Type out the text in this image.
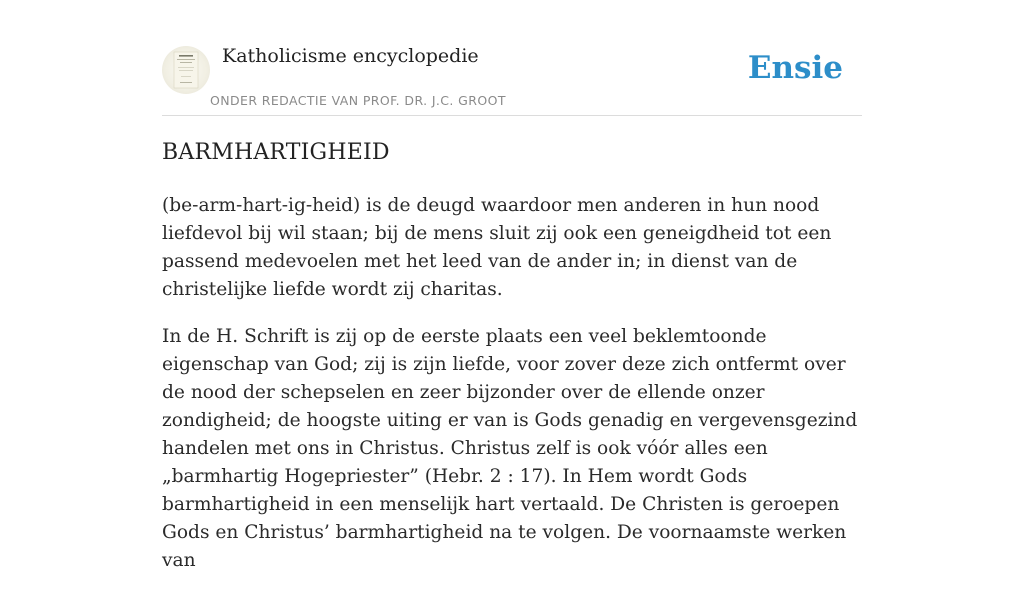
Katholicisme encyclopedie
ONDER REDACTIE VAN PROF. DR. J.C. GROOT
Ensie
BARMHARTIGHEID

(be-arm-hart-ig-heid) is de deugd waardoor men anderen in hun nood liefdevol bij wil staan; bij de mens sluit zij ook een geneigdheid tot een passend medevoelen met het leed van de ander in; in dienst van de christelijke liefde wordt zij charitas.

In de H. Schrift is zij op de eerste plaats een veel beklemtoonde eigenschap van God; zij is zijn liefde, voor zover deze zich ontfermt over de nood der schepselen en zeer bijzonder over de ellende onzer zondigheid; de hoogste uiting er van is Gods genadig en vergevensgezind handelen met ons in Christus. Christus zelf is ook vóór alles een „barmhartig Hogepriester” (Hebr. 2 : 17). In Hem wordt Gods barmhartigheid in een menselijk hart vertaald. De Christen is geroepen Gods en Christus’ barmhartigheid na te volgen. De voornaamste werken van
